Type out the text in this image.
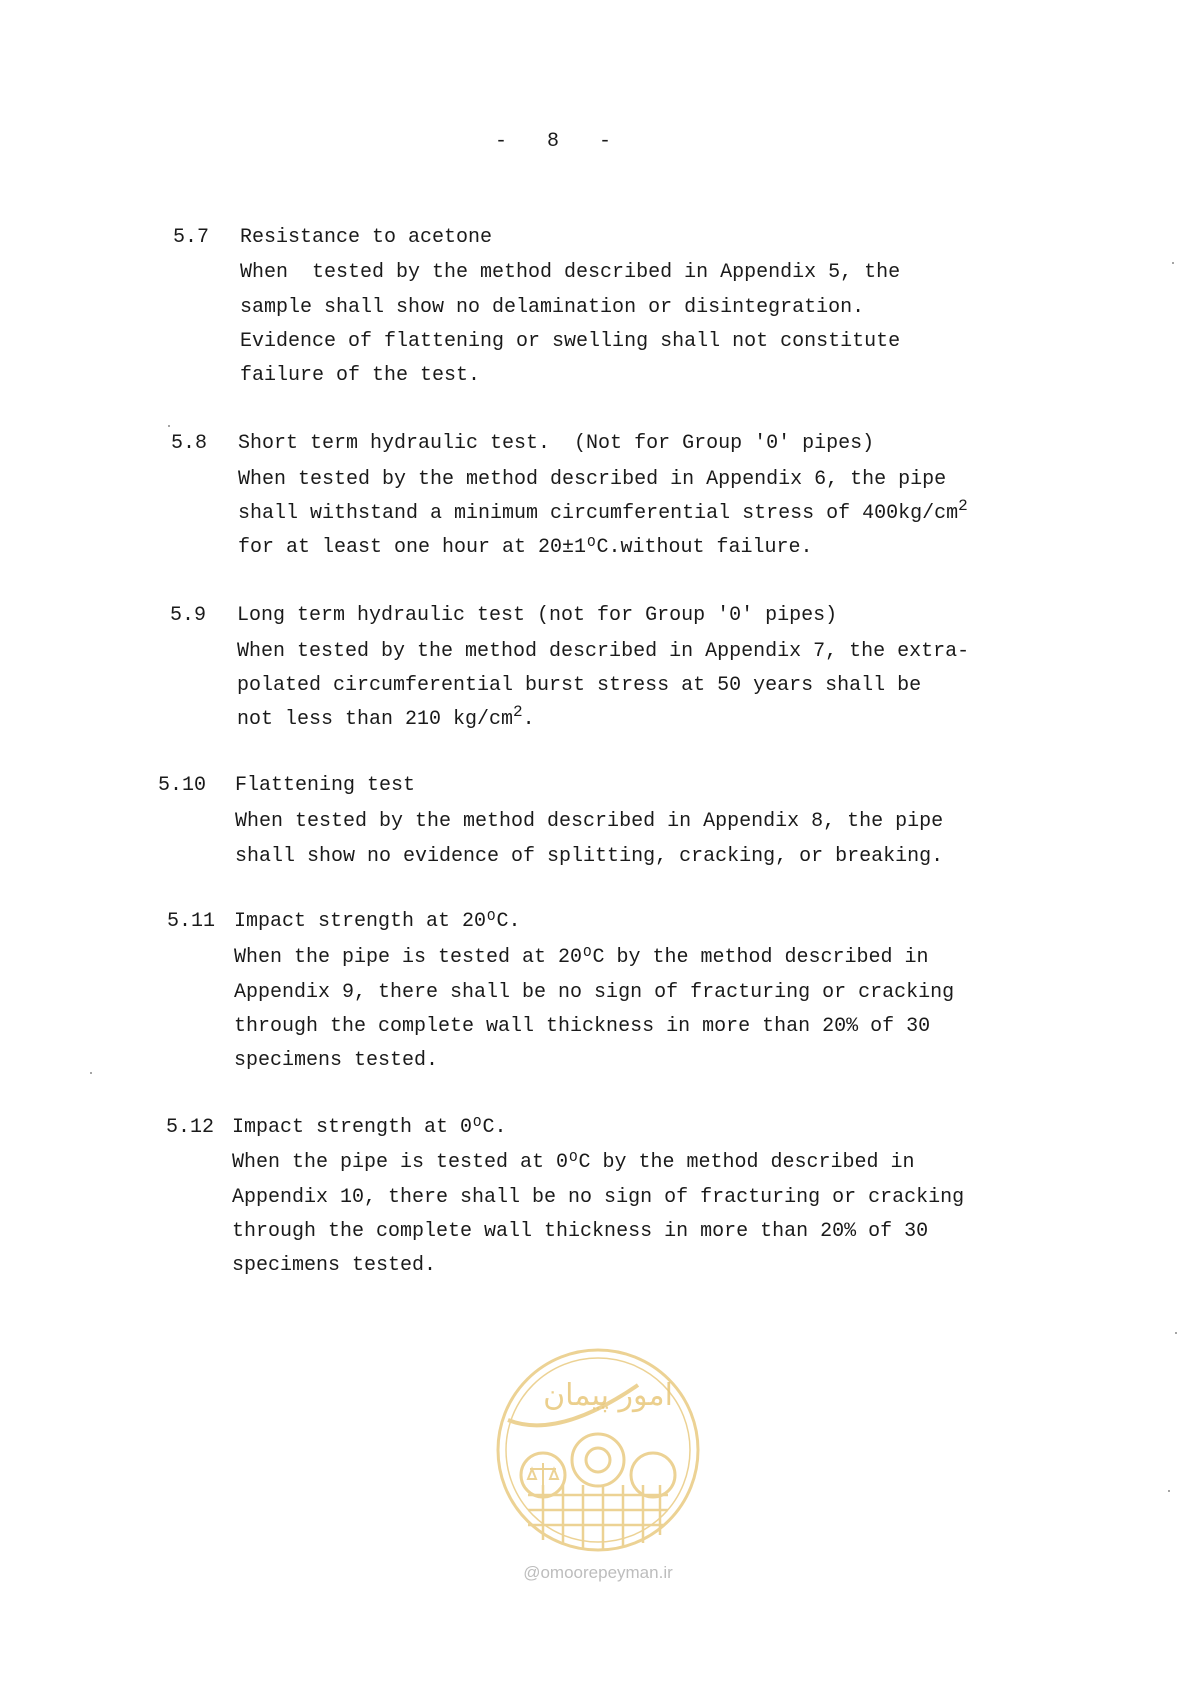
- 8 -
5.7 Resistance to acetone
When  tested by the method described in Appendix 5, the
sample shall show no delamination or disintegration.
Evidence of flattening or swelling shall not constitute
failure of the test.
5.8 Short term hydraulic test.  (Not for Group '0' pipes)
When tested by the method described in Appendix 6, the pipe
shall withstand a minimum circumferential stress of $400kg/cm^2$
for at least one hour at $20\pm 1^OC.without$ failure.
5.9 Long term hydraulic test (not for Group '0' pipes)
When tested by the method described in Appendix 7, the extra-
polated circumferential burst stress at 50 years shall be
not less than 210 $kg/cm^2$.
5.10 Flattening test
When tested by the method described in Appendix 8, the pipe
shall show no evidence of splitting, cracking, or breaking.
5.11 Impact strength at $20^OC$.
When the pipe is tested at $20^OC$ by the method described in
Appendix 9, there shall be no sign of fracturing or cracking
through the complete wall thickness in more than 20% of 30
specimens tested.
5.12 Impact strength at $0^OC$.
When the pipe is tested at $0^OC$ by the method described in
Appendix 10, there shall be no sign of fracturing or cracking
through the complete wall thickness in more than 20% of 30
specimens tested.
امور پیمان
@omoorepeyman.ir
